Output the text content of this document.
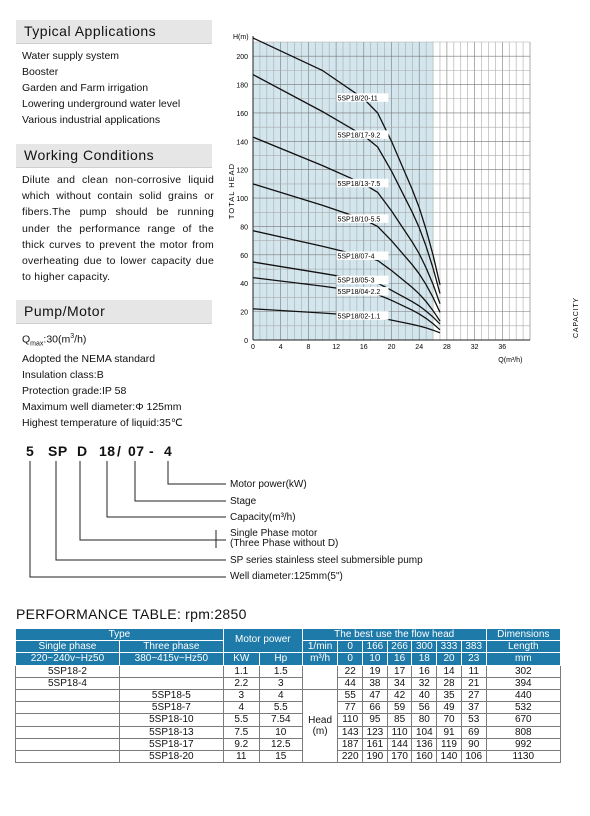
Typical Applications
Water supply system
Booster
Garden and Farm irrigation
Lowering underground water level
Various industrial applications
Working Conditions
Dilute and clean non-corrosive liquid which without contain solid grains or fibers.The pump should be running under the performance range of the thick curves to prevent the motor from overheating due to lower capacity due to higher capacity.
Pump/Motor
$Q_{max}:30(m^3/h)$
Adopted the NEMA standard
Insulation class:B
Protection grade:IP 58
Maximum well diameter:Φ 125mm
Highest temperature of liquid:35℃
0
20
40
60
80
100
120
140
160
180
200
0	4	8	12	16	20	24	28	32	36
H(m)
TOTAL HEAD
CAPACITY
Q(m³/h)
5SP18/20-11
5SP18/17-9.2
5SP18/13-7.5
5SP18/10-5.5
5SP18/07-4
5SP18/05-3
5SP18/04-2.2
5SP18/02-1.1
5 SP D 18 / 07 - 4
Motor power(kW)
Stage
Capacity(m³/h)
Single Phase motor
(Three Phase without D)
SP series stainless steel submersible pump
Well diameter:125mm(5")
PERFORMANCE TABLE: rpm:2850
Type		Motor power		The best use the flow head							Dimensions
Single phase	Three phase			1/min	0	166	266	300	333	383	Length
220~240v~Hz50	380~415v~Hz50	KW	Hp	m³/h	0	10	16	18	20	23	mm
5SP18-2		1.1	1.5		22	19	17	16	14	11	302
5SP18-4		2.2	3		44	38	34	32	28	21	394
	5SP18-5	3	4	Head
(m)	55	47	42	40	35	27	440
	5SP18-7	4	5.5		77	66	59	56	49	37	532
	5SP18-10	5.5	7.54		110	95	85	80	70	53	670
	5SP18-13	7.5	10		143	123	110	104	91	69	808
	5SP18-17	9.2	12.5		187	161	144	136	119	90	992
	5SP18-20	11	15		220	190	170	160	140	106	1130
